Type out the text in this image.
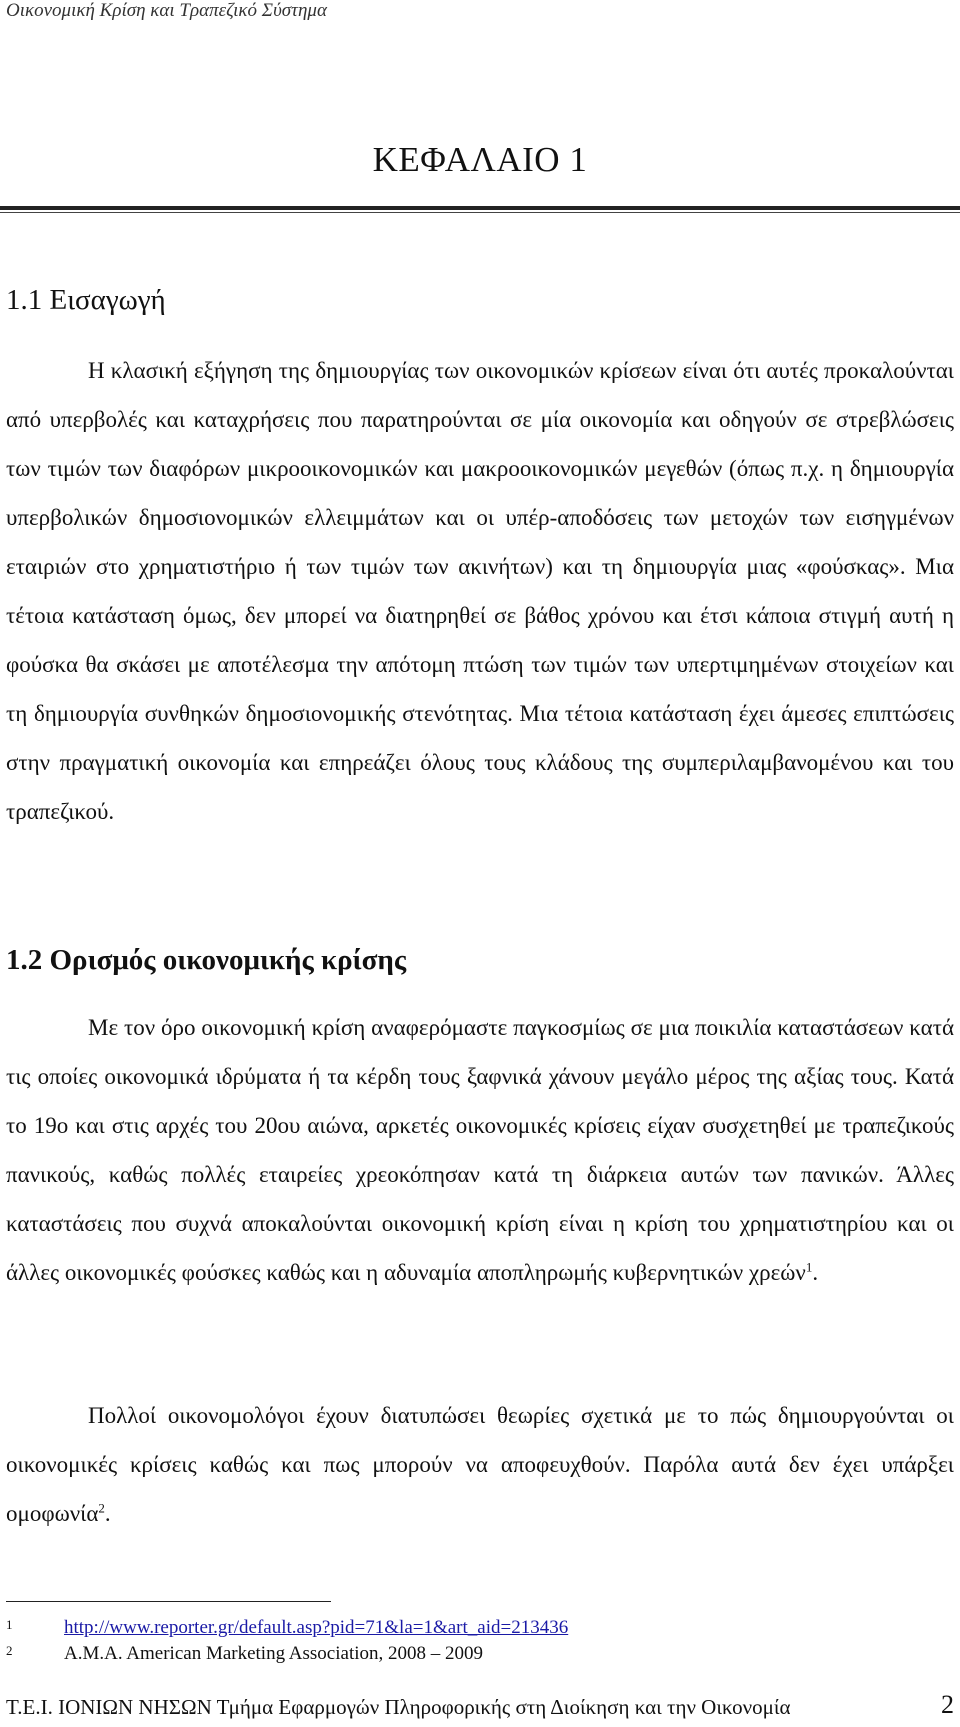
Οικονομική Κρίση και Τραπεζικό Σύστημα
ΚΕΦΑΛΑΙΟ 1
1.1 Εισαγωγή

Η κλασική εξήγηση της δημιουργίας των οικονομικών κρίσεων είναι ότι αυτές προκαλούνται από υπερβολές και καταχρήσεις που παρατηρούνται σε μία οικονομία και οδηγούν σε στρεβλώσεις των τιμών των διαφόρων μικροοικονομικών και μακροοικονομικών μεγεθών (όπως π.χ. η δημιουργία υπερβολικών δημοσιονομικών ελλειμμάτων και οι υπέρ-αποδόσεις των μετοχών των εισηγμένων εταιριών στο χρηματιστήριο ή των τιμών των ακινήτων) και τη δημιουργία μιας «φούσκας». Μια τέτοια κατάσταση όμως, δεν μπορεί να διατηρηθεί σε βάθος χρόνου και έτσι κάποια στιγμή αυτή η φούσκα θα σκάσει με αποτέλεσμα την απότομη πτώση των τιμών των υπερτιμημένων στοιχείων και τη δημιουργία συνθηκών δημοσιονομικής στενότητας. Μια τέτοια κατάσταση έχει άμεσες επιπτώσεις στην πραγματική οικονομία και επηρεάζει όλους τους κλάδους της συμπεριλαμβανομένου και του τραπεζικού.

1.2 Ορισμός οικονομικής κρίσης

Με τον όρο οικονομική κρίση αναφερόμαστε παγκοσμίως σε μια ποικιλία καταστάσεων κατά τις οποίες οικονομικά ιδρύματα ή τα κέρδη τους ξαφνικά χάνουν μεγάλο μέρος της αξίας τους. Κατά το 19ο και στις αρχές του 20ου αιώνα, αρκετές οικονομικές κρίσεις είχαν συσχετηθεί με τραπεζικούς πανικούς, καθώς πολλές εταιρείες χρεοκόπησαν κατά τη διάρκεια αυτών των πανικών. Άλλες καταστάσεις που συχνά αποκαλούνται οικονομική κρίση είναι η κρίση του χρηματιστηρίου και οι άλλες οικονομικές φούσκες καθώς και η αδυναμία αποπληρωμής κυβερνητικών χρεών$^1$.

Πολλοί οικονομολόγοι έχουν διατυπώσει θεωρίες σχετικά με το πώς δημιουργούνται οι οικονομικές κρίσεις καθώς και πως μπορούν να αποφευχθούν. Παρόλα αυτά δεν έχει υπάρξει ομοφωνία$^2$.

1	http://www.reporter.gr/default.asp?pid=71&la=1&art_aid=213436
2	A.M.A. American Marketing Association, 2008 – 2009
Τ.Ε.Ι. ΙΟΝΙΩΝ ΝΗΣΩΝ Τμήμα Εφαρμογών Πληροφορικής στη Διοίκηση και την Οικονομία	2
